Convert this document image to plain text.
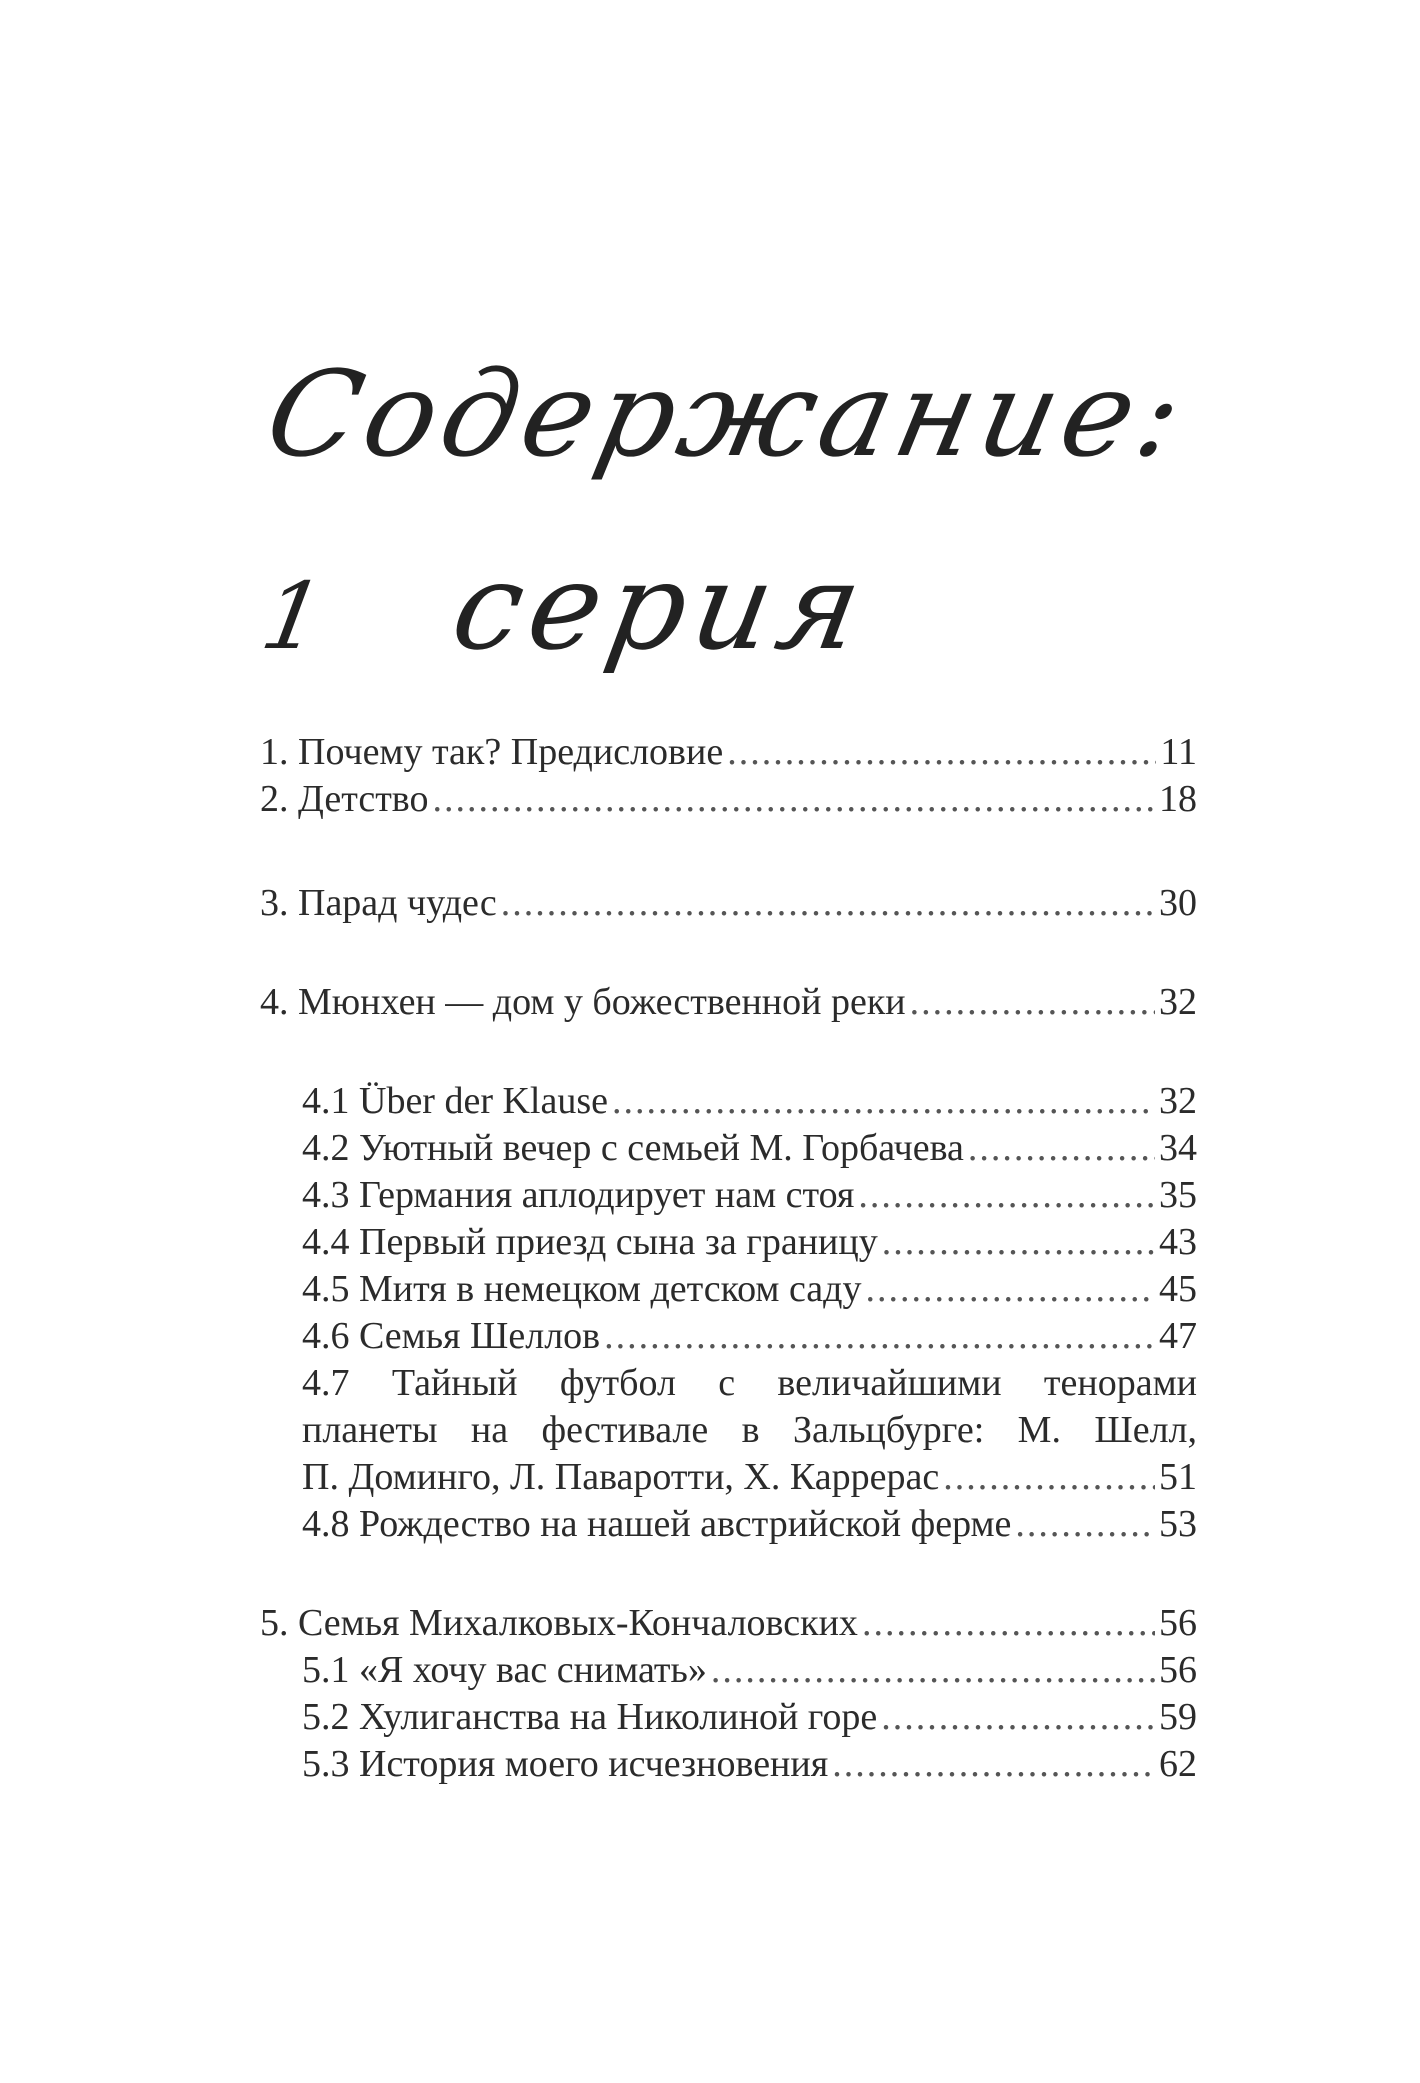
Содержание:
1 серия
1. Почему так? Предисловие .....	11
2. Детство .....	18
3. Парад чудес .....	30
4. Мюнхен — дом у божественной реки .....	32
4.1 Über der Klause .....	32
4.2 Уютный вечер с семьей М. Горбачева .....	34
4.3 Германия аплодирует нам стоя .....	35
4.4 Первый приезд сына за границу .....	43
4.5 Митя в немецком детском саду .....	45
4.6 Семья Шеллов .....	47
4.7 Тайный футбол с величайшими тенорами
планеты на фестивале в Зальцбурге: М. Шелл,
П. Доминго, Л. Паваротти, Х. Каррерас .....	51
4.8 Рождество на нашей австрийской ферме .....	53
5. Семья Михалковых-Кончаловских .....	56
5.1 «Я хочу вас снимать» .....	56
5.2 Хулиганства на Николиной горе .....	59
5.3 История моего исчезновения .....	62
